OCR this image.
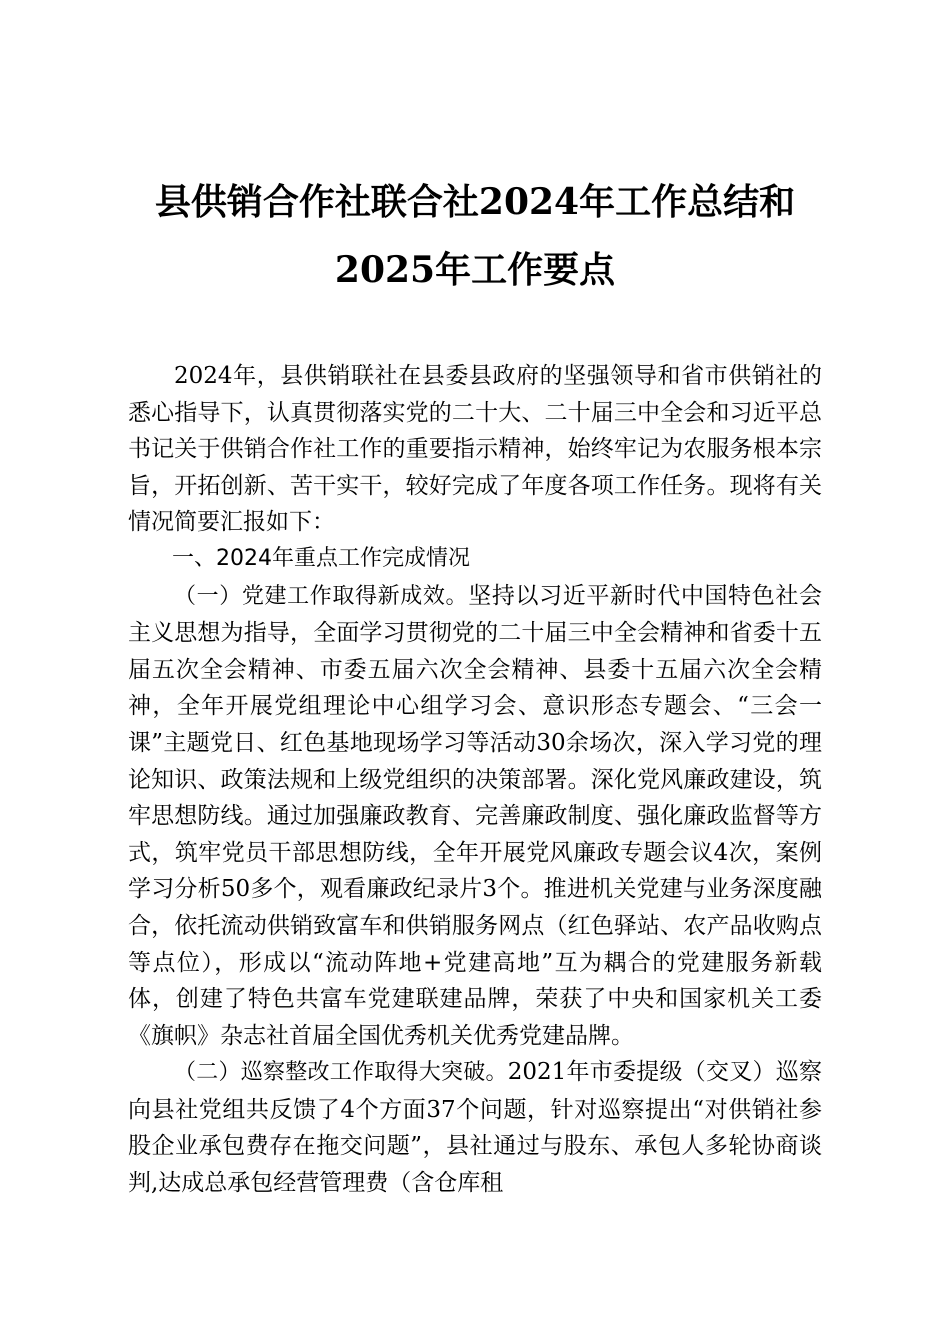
县供销合作社联合社2024年工作总结和2025年工作要点

2024年，县供销联社在县委县政府的坚强领导和省市供销社的悉心指导下，认真贯彻落实党的二十大、二十届三中全会和习近平总书记关于供销合作社工作的重要指示精神，始终牢记为农服务根本宗旨，开拓创新、苦干实干，较好完成了年度各项工作任务。现将有关情况简要汇报如下：

一、2024年重点工作完成情况

（一）党建工作取得新成效。坚持以习近平新时代中国特色社会主义思想为指导，全面学习贯彻党的二十届三中全会精神和省委十五届五次全会精神、市委五届六次全会精神、县委十五届六次全会精神，全年开展党组理论中心组学习会、意识形态专题会、“三会一课”主题党日、红色基地现场学习等活动30余场次，深入学习党的理论知识、政策法规和上级党组织的决策部署。深化党风廉政建设，筑牢思想防线。通过加强廉政教育、完善廉政制度、强化廉政监督等方式，筑牢党员干部思想防线，全年开展党风廉政专题会议4次，案例学习分析50多个，观看廉政纪录片3个。推进机关党建与业务深度融合，依托流动供销致富车和供销服务网点（红色驿站、农产品收购点等点位），形成以“流动阵地+党建高地”互为耦合的党建服务新载体，创建了特色共富车党建联建品牌，荣获了中央和国家机关工委《旗帜》杂志社首届全国优秀机关优秀党建品牌。

（二）巡察整改工作取得大突破。2021年市委提级（交叉）巡察向县社党组共反馈了4个方面37个问题，针对巡察提出“对供销社参股企业承包费存在拖交问题”，县社通过与股东、承包人多轮协商谈判,达成总承包经营管理费（含仓库租
